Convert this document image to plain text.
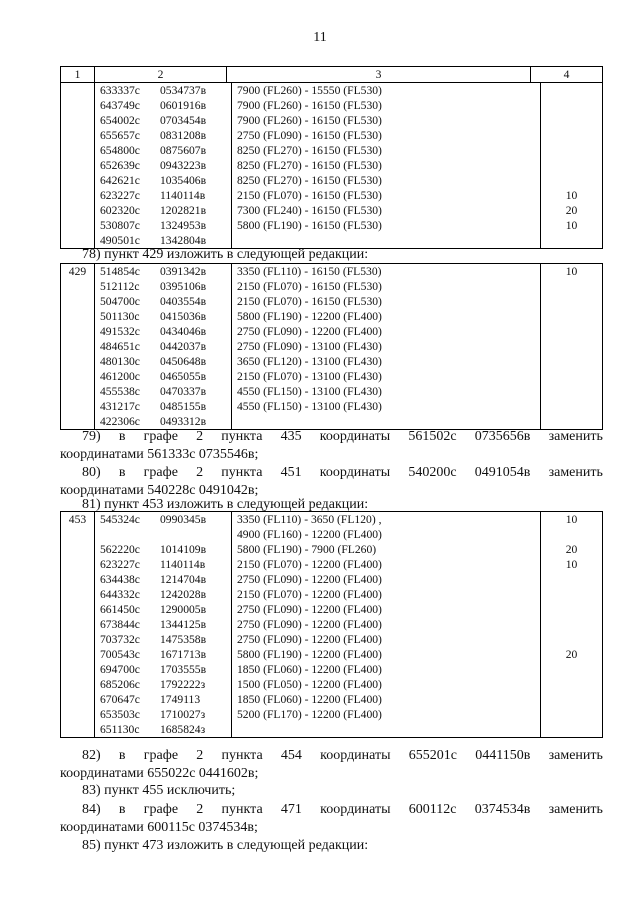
11
1	2	3	4
	633337с 0534737в	7900 (FL260) - 15550 (FL530)	
	643749с 0601916в	7900 (FL260) - 16150 (FL530)	
	654002с 0703454в	7900 (FL260) - 16150 (FL530)	
	655657с 0831208в	2750 (FL090) - 16150 (FL530)	
	654800с 0875607в	8250 (FL270) - 16150 (FL530)	
	652639с 0943223в	8250 (FL270) - 16150 (FL530)	
	642621с 1035406в	8250 (FL270) - 16150 (FL530)	
	623227с 1140114в	2150 (FL070) - 16150 (FL530)	10
	602320с 1202821в	7300 (FL240) - 16150 (FL530)	20
	530807с 1324953в	5800 (FL190) - 16150 (FL530)	10
	490501с 1342804в		
78) пункт 429 изложить в следующей редакции:
429	514854с 0391342в	3350 (FL110) - 16150 (FL530)	10
	512112с 0395106в	2150 (FL070) - 16150 (FL530)	
	504700с 0403554в	2150 (FL070) - 16150 (FL530)	
	501130с 0415036в	5800 (FL190) - 12200 (FL400)	
	491532с 0434046в	2750 (FL090) - 12200 (FL400)	
	484651с 0442037в	2750 (FL090) - 13100 (FL430)	
	480130с 0450648в	3650 (FL120) - 13100 (FL430)	
	461200с 0465055в	2150 (FL070) - 13100 (FL430)	
	455538с 0470337в	4550 (FL150) - 13100 (FL430)	
	431217с 0485155в	4550 (FL150) - 13100 (FL430)	
	422306с 0493312в		
79) в графе 2 пункта 435 координаты 561502с 0735656в заменить
координатами 561333с 0735546в;
80) в графе 2 пункта 451 координаты 540200с 0491054в заменить
координатами 540228с 0491042в;
81) пункт 453 изложить в следующей редакции:
453	545324с 0990345в	3350 (FL110) - 3650 (FL120) ,	10
		4900 (FL160) - 12200 (FL400)	
	562220с 1014109в	5800 (FL190) - 7900 (FL260)	20
	623227с 1140114в	2150 (FL070) - 12200 (FL400)	10
	634438с 1214704в	2750 (FL090) - 12200 (FL400)	
	644332с 1242028в	2150 (FL070) - 12200 (FL400)	
	661450с 1290005в	2750 (FL090) - 12200 (FL400)	
	673844с 1344125в	2750 (FL090) - 12200 (FL400)	
	703732с 1475358в	2750 (FL090) - 12200 (FL400)	
	700543с 1671713в	5800 (FL190) - 12200 (FL400)	20
	694700с 1703555в	1850 (FL060) - 12200 (FL400)	
	685206с 1792222з	1500 (FL050) - 12200 (FL400)	
	670647с 1749113	1850 (FL060) - 12200 (FL400)	
	653503с 1710027з	5200 (FL170) - 12200 (FL400)	
	651130с 1685824з		
82) в графе 2 пункта 454 координаты 655201с 0441150в заменить
координатами 655022с 0441602в;
83) пункт 455 исключить;
84) в графе 2 пункта 471 координаты 600112с 0374534в заменить
координатами 600115с 0374534в;
85) пункт 473 изложить в следующей редакции:
